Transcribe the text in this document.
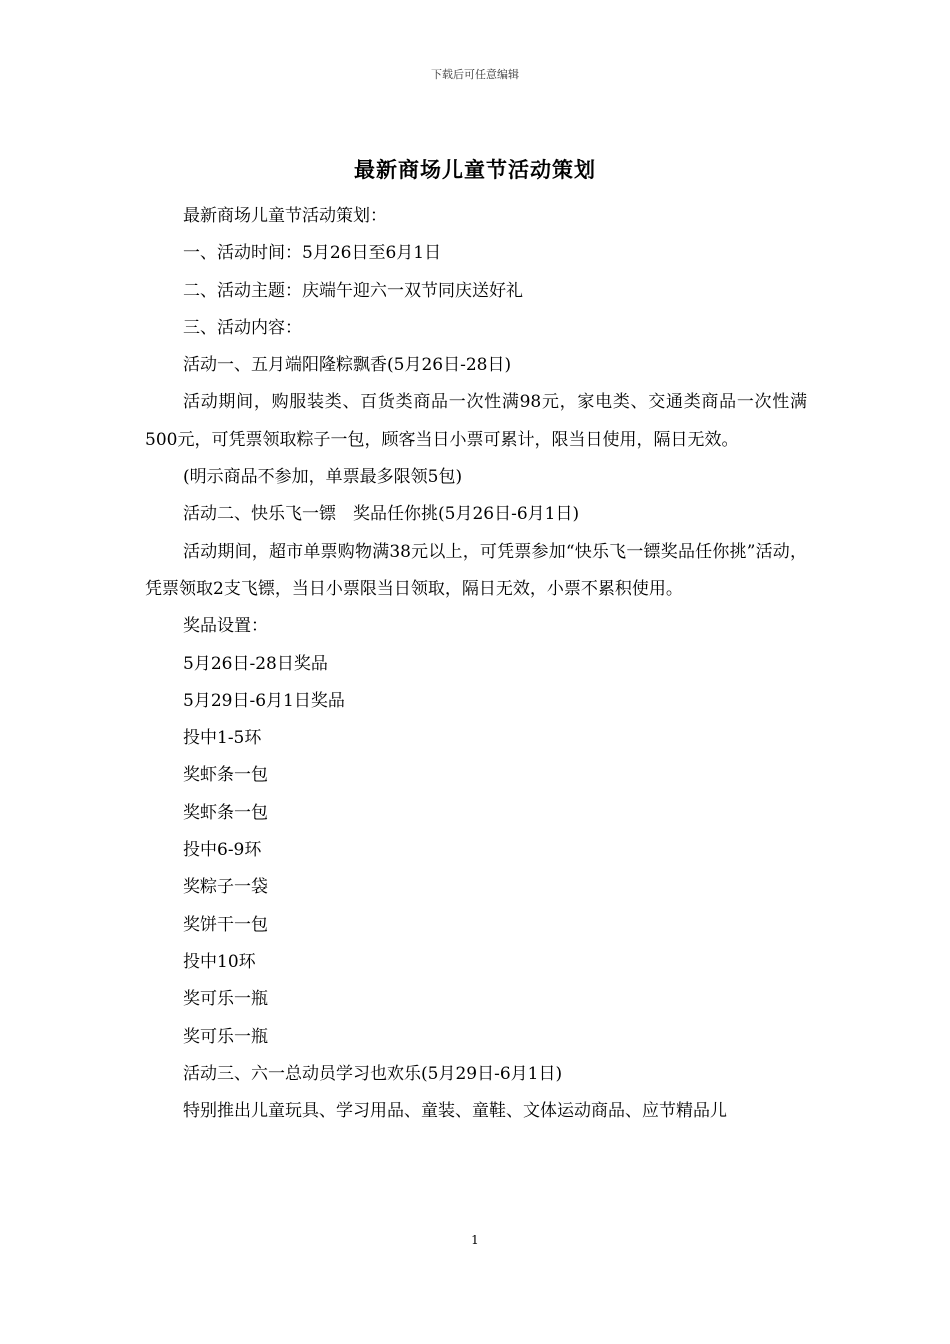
下载后可任意编辑
最新商场儿童节活动策划

最新商场儿童节活动策划：

一、活动时间：5月26日至6月1日

二、活动主题：庆端午迎六一双节同庆送好礼

三、活动内容：

活动一、五月端阳隆粽飘香(5月26日-28日)

活动期间，购服装类、百货类商品一次性满98元，家电类、交通类商品一次性满500元，可凭票领取粽子一包，顾客当日小票可累计，限当日使用，隔日无效。

(明示商品不参加，单票最多限领5包)

活动二、快乐飞一镖　奖品任你挑(5月26日-6月1日)

活动期间，超市单票购物满38元以上，可凭票参加“快乐飞一镖奖品任你挑”活动，凭票领取2支飞镖，当日小票限当日领取，隔日无效，小票不累积使用。

奖品设置：

5月26日-28日奖品

5月29日-6月1日奖品

投中1-5环

奖虾条一包

奖虾条一包

投中6-9环

奖粽子一袋

奖饼干一包

投中10环

奖可乐一瓶

奖可乐一瓶

活动三、六一总动员学习也欢乐(5月29日-6月1日)

特别推出儿童玩具、学习用品、童装、童鞋、文体运动商品、应节精品儿

1
